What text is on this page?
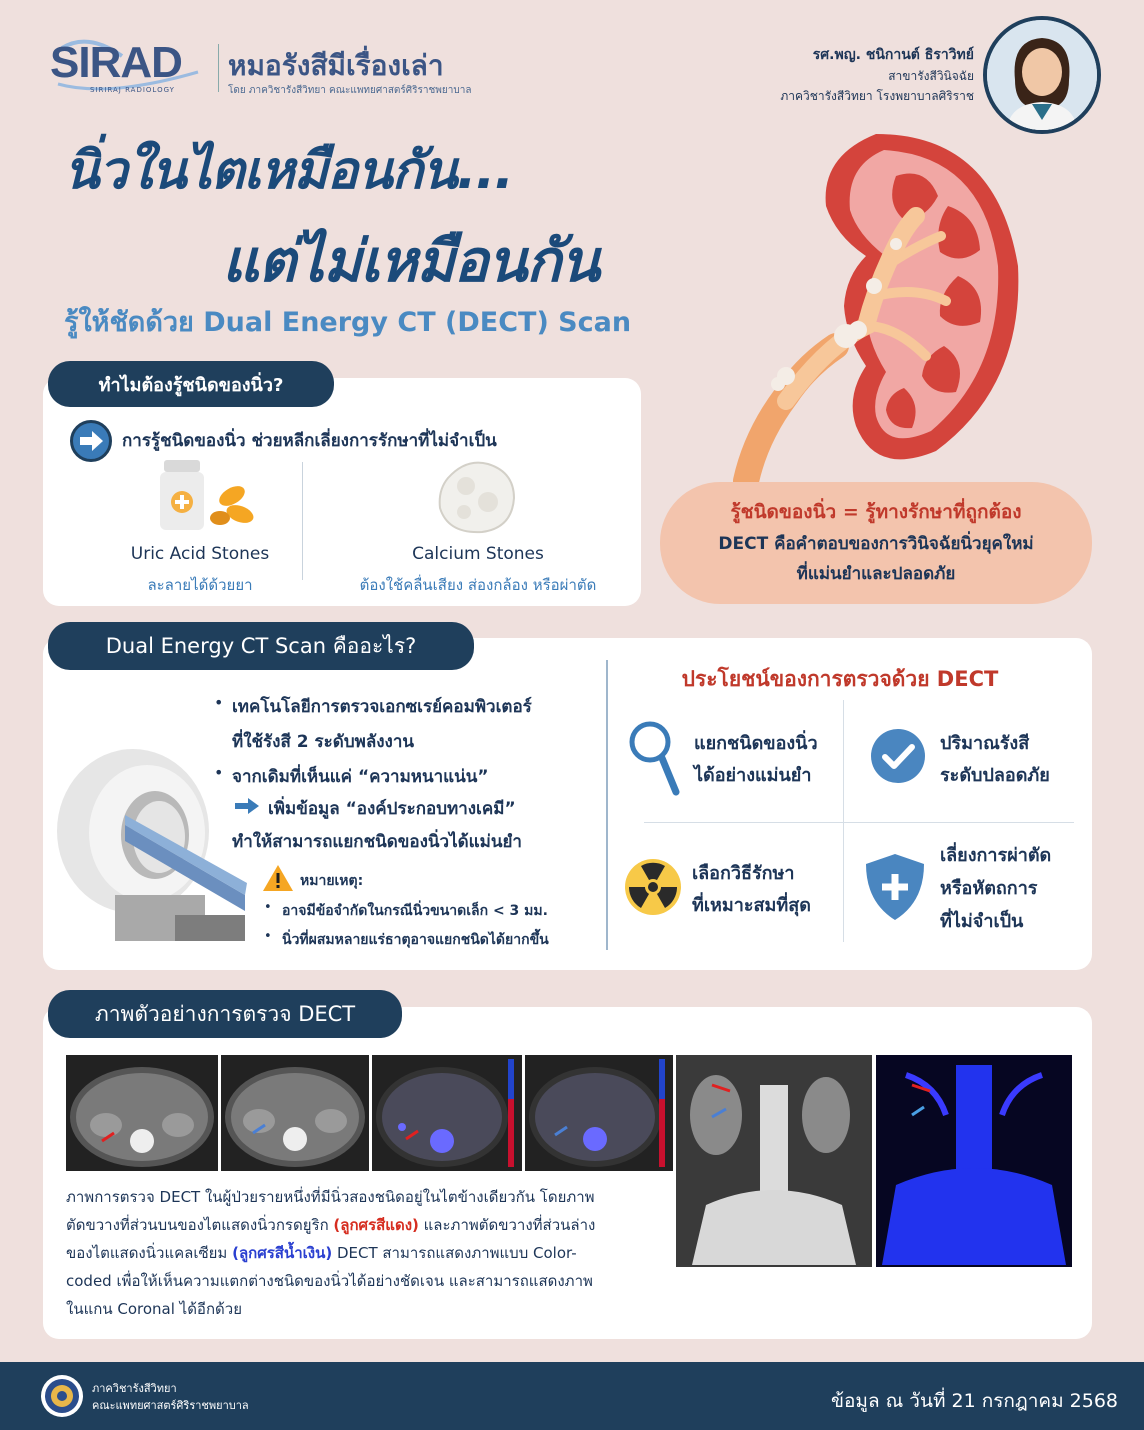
SIRAD
SIRIRAJ RADIOLOGY
หมอรังสีมีเรื่องเล่า
โดย ภาควิชารังสีวิทยา คณะแพทยศาสตร์ศิริราชพยาบาล
รศ.พญ. ชนิกานต์ ธิราวิทย์
สาขารังสีวินิจฉัย
ภาควิชารังสีวิทยา โรงพยาบาลศิริราช
นิ่วในไตเหมือนกัน...
แต่ไม่เหมือนกัน
รู้ให้ชัดด้วย Dual Energy CT (DECT) Scan
รู้ชนิดของนิ่ว = รู้ทางรักษาที่ถูกต้อง
DECT คือคำตอบของการวินิจฉัยนิ่วยุคใหม่
ที่แม่นยำและปลอดภัย
ทำไมต้องรู้ชนิดของนิ่ว?
การรู้ชนิดของนิ่ว ช่วยหลีกเลี่ยงการรักษาที่ไม่จำเป็น
Uric Acid Stones
ละลายได้ด้วยยา
Calcium Stones
ต้องใช้คลื่นเสียง ส่องกล้อง หรือผ่าตัด
Dual Energy CT Scan คืออะไร?
• เทคโนโลยีการตรวจเอกซเรย์คอมพิวเตอร์
ที่ใช้รังสี 2 ระดับพลังงาน
• จากเดิมที่เห็นแค่ “ความหนาแน่น”
เพิ่มข้อมูล “องค์ประกอบทางเคมี”
ทำให้สามารถแยกชนิดของนิ่วได้แม่นยำ
หมายเหตุ:
• อาจมีข้อจำกัดในกรณีนิ่วขนาดเล็ก < 3 มม.
• นิ่วที่ผสมหลายแร่ธาตุอาจแยกชนิดได้ยากขึ้น
ประโยชน์ของการตรวจด้วย DECT
แยกชนิดของนิ่ว
ได้อย่างแม่นยำ
ปริมาณรังสี
ระดับปลอดภัย
เลือกวิธีรักษา
ที่เหมาะสมที่สุด
เลี่ยงการผ่าตัด
หรือหัตถการ
ที่ไม่จำเป็น
ภาพตัวอย่างการตรวจ DECT
ภาพการตรวจ DECT ในผู้ป่วยรายหนึ่งที่มีนิ่วสองชนิดอยู่ในไตข้างเดียวกัน โดยภาพ
ตัดขวางที่ส่วนบนของไตแสดงนิ่วกรดยูริก (ลูกศรสีแดง) และภาพตัดขวางที่ส่วนล่าง
ของไตแสดงนิ่วแคลเซียม (ลูกศรสีน้ำเงิน) DECT สามารถแสดงภาพแบบ Color-
coded เพื่อให้เห็นความแตกต่างชนิดของนิ่วได้อย่างชัดเจน และสามารถแสดงภาพ
ในแกน Coronal ได้อีกด้วย
ภาควิชารังสีวิทยา
คณะแพทยศาสตร์ศิริราชพยาบาล	ข้อมูล ณ วันที่ 21 กรกฎาคม 2568
